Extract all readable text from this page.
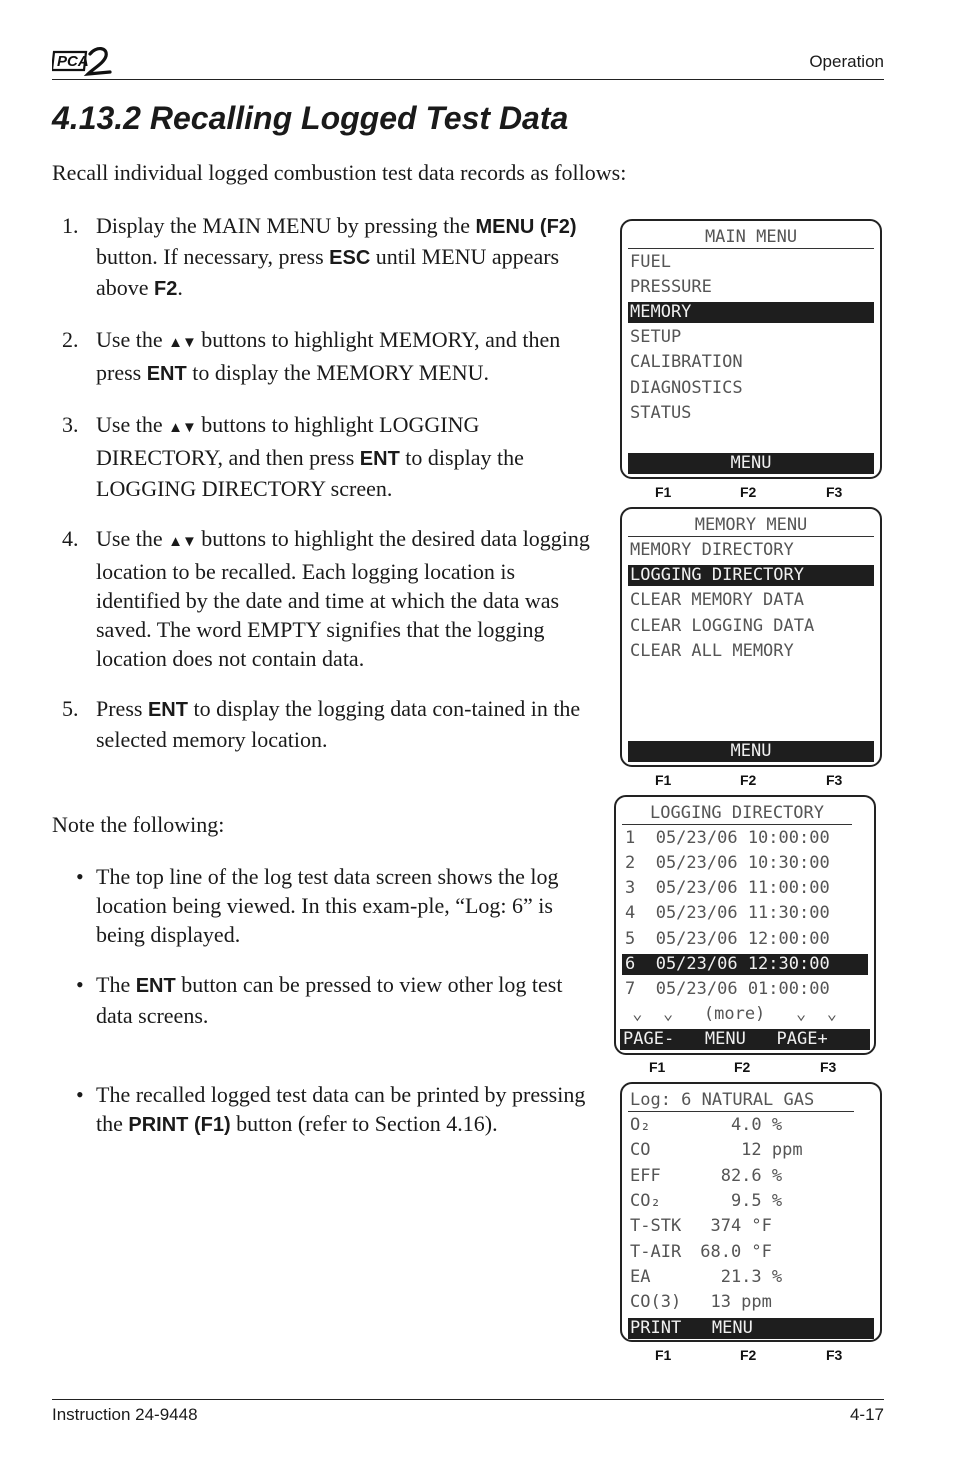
PCA	Operation
4.13.2 Recalling Logged Test Data

Recall individual logged combustion test data records as follows:

1. Display the MAIN MENU by pressing the MENU (F2) button. If necessary, press ESC until MENU appears above F2.
2. Use the ▲▼ buttons to highlight MEMORY, and then press ENT to display the MEMORY MENU.
3. Use the ▲▼ buttons to highlight LOGGING DIRECTORY, and then press ENT to display the LOGGING DIRECTORY screen.
4. Use the ▲▼ buttons to highlight the desired data logging location to be recalled. Each logging location is identified by the date and time at which the data was saved. The word EMPTY signifies that the logging location does not contain data.
5. Press ENT to display the logging data con-tained in the selected memory location.

Note the following:

• The top line of the log test data screen shows the log location being viewed. In this exam-ple, “Log: 6” is being displayed.
• The ENT button can be pressed to view other log test data screens.
• The recalled logged test data can be printed by pressing the PRINT (F1) button (refer to Section 4.16).
MAIN MENU
FUEL
PRESSURE
MEMORY
SETUP
CALIBRATION
DIAGNOSTICS
STATUS
MENU
F1	F2	F3
MEMORY MENU
MEMORY DIRECTORY
LOGGING DIRECTORY
CLEAR MEMORY DATA
CLEAR LOGGING DATA
CLEAR ALL MEMORY
MENU
F1	F2	F3
LOGGING DIRECTORY
1  05/23/06 10:00:00
2  05/23/06 10:30:00
3  05/23/06 11:00:00
4  05/23/06 11:30:00
5  05/23/06 12:00:00
6  05/23/06 12:30:00
7  05/23/06 01:00:00
⌄  ⌄   (more)   ⌄  ⌄
PAGE-   MENU   PAGE+
F1	F2	F3
Log: 6 NATURAL GAS
O₂    4.0 %
CO     12 ppm
EFF   82.6 %
CO₂    9.5 %
T-STK  374 °F
T-AIR 68.0 °F
EA   21.3 %
CO(3)  13 ppm
PRINT   MENU
F1	F2	F3
Instruction 24-9448	4-17
